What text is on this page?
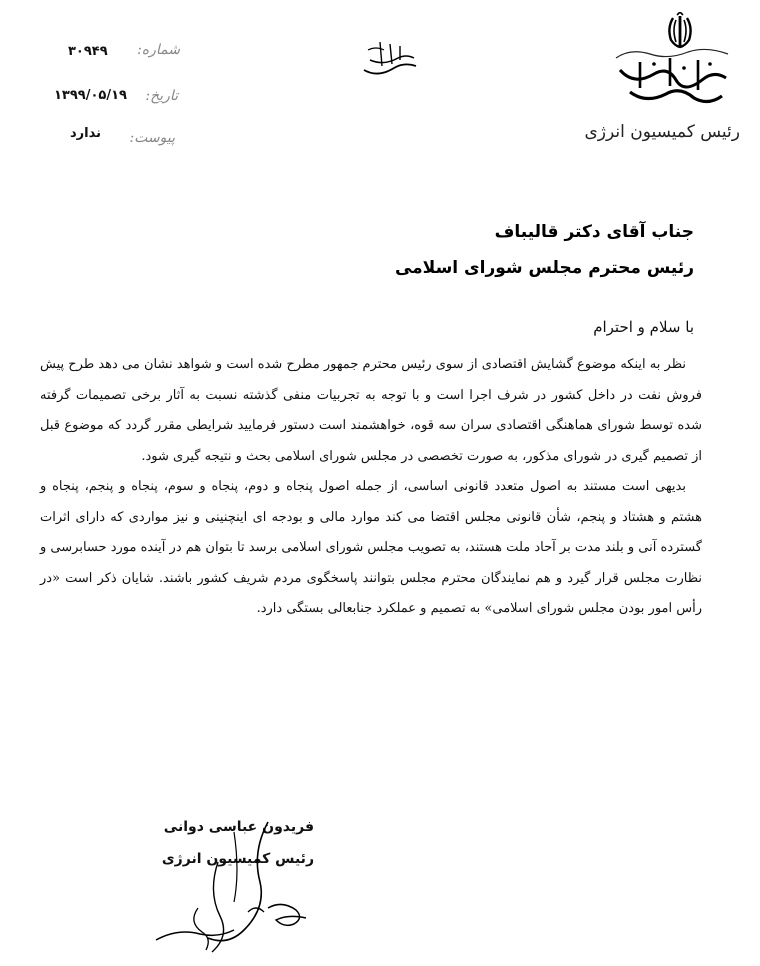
رئیس کمیسیون انرژی
شماره:
۳۰۹۴۹
تاریخ:
۱۳۹۹/۰۵/۱۹
پیوست:
ندارد
جناب آقای دکتر قالیباف
رئیس محترم مجلس شورای اسلامی
با سلام و احترام

نظر به اینکه موضوع گشایش اقتصادی از سوی رئیس محترم جمهور مطرح شده است و شواهد نشان می دهد طرح پیش فروش نفت در داخل کشور در شرف اجرا است و با توجه به تجربیات منفی گذشته نسبت به آثار برخی تصمیمات گرفته شده توسط شورای هماهنگی اقتصادی سران سه قوه، خواهشمند است دستور فرمایید شرایطی مقرر گردد که موضوع قبل از تصمیم گیری در شورای مذکور، به صورت تخصصی در مجلس شورای اسلامی بحث و نتیجه گیری شود.

بدیهی است مستند به اصول متعدد قانونی اساسی، از جمله اصول پنجاه و دوم، پنجاه و سوم، پنجاه و پنجم، پنجاه و هشتم و هشتاد و پنجم، شأن قانونی مجلس اقتضا می کند موارد مالی و بودجه ای اینچنینی و نیز مواردی که دارای اثرات گسترده آنی و بلند مدت بر آحاد ملت هستند، به تصویب مجلس شورای اسلامی برسد تا بتوان هم در آینده مورد حسابرسی و نظارت مجلس قرار گیرد و هم نمایندگان محترم مجلس بتوانند پاسخگوی مردم شریف کشور باشند. شایان ذکر است «در رأس امور بودن مجلس شورای اسلامی» به تصمیم و عملکرد جنابعالی بستگی دارد.

فریدون عباسی دوانی
رئیس کمیسیون انرژی
